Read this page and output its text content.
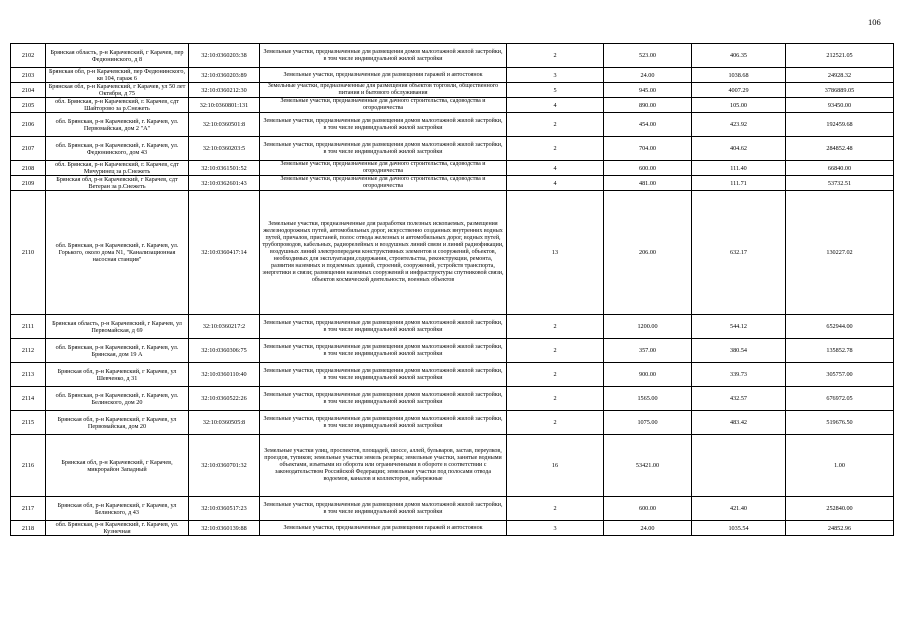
106
2102	Брянская область, р-н Карачевский, г Карачев, пер Федюнинского, д 8	32:10:0360203:38	Земельные участки, предназначенные для размещения домов малоэтажной жилой застройки, в том числе индивидуальной жилой застройки	2	523.00	406.35	212521.05
2103	Брянская обл, р-н Карачевский, пер Федюнинского, кв 104, гараж 6	32:10:0360203:89	Земельные участки, предназначенные для размещения гаражей и автостоянок	3	24.00	1038.68	24928.32
2104	Брянская обл, р-н Карачевский, г Карачев, ул 50 лет Октября, д 75	32:10:0360212:30	Земельные участки, предназначенные для размещения объектов торговли, общественного питания и бытового обслуживания	5	945.00	4007.29	3786889.05
2105	обл. Брянская, р-н Карачевский, г. Карачев, сдт Шайторово за р.Снежеть	32:10:0360801:131	Земельные участки, предназначенные для дачного строительства, садоводства и огородничества	4	890.00	105.00	93450.00
2106	обл. Брянская, р-н Карачевский, г. Карачев, ул. Первомайская, дом 2 "А"	32:10:0360501:8	Земельные участки, предназначенные для размещения домов малоэтажной жилой застройки, в том числе индивидуальной жилой застройки	2	454.00	423.92	192459.68
2107	обл. Брянская, р-н Карачевский, г. Карачев, ул. Федюнинского, дом 43	32:10:0360203:5	Земельные участки, предназначенные для размещения домов малоэтажной жилой застройки, в том числе индивидуальной жилой застройки	2	704.00	404.62	284852.48
2108	обл. Брянская, р-н Карачевский, г. Карачев, сдт Мичуринец за р.Снежеть	32:10:0361501:52	Земельные участки, предназначенные для дачного строительства, садоводства и огородничества	4	600.00	111.40	66840.00
2109	Брянская обл, р-н Карачевский, г Карачев, сдт Ветеран за р.Снежеть	32:10:0362601:43	Земельные участки, предназначенные для дачного строительства, садоводства и огородничества	4	481.00	111.71	53732.51
2110	обл. Брянская, р-н Карачевский, г. Карачев, ул. Горького, около дома N1, "Канализационная насосная станция"	32:10:0360417:14	Земельные участки, предназначенные для разработки полезных ископаемых, размещения железнодорожных путей, автомобильных дорог, искусственно созданных внутренних водных путей, причалов, пристаней, полос отвода железных и автомобильных дорог, водных путей, трубопроводов, кабельных, радиорелейных и воздушных линий связи и линий радиофикации, воздушных линий электропередачи конструктивных элементов и сооружений, объектов, необходимых для эксплуатации,содержания, строительства, реконструкции, ремонта, развития наземных и подземных зданий, строений, сооружений, устройств транспорта, энергетики и связи; размещения наземных сооружений и инфраструктуры спутниковой связи, объектов космической деятельности, военных объектов	13	206.00	632.17	130227.02
2111	Брянская область, р-н Карачевский, г Карачев, ул Первомайская, д 69	32:10:0360217:2	Земельные участки, предназначенные для размещения домов малоэтажной жилой застройки, в том числе индивидуальной жилой застройки	2	1200.00	544.12	652944.00
2112	обл. Брянская, р-н Карачевский, г. Карачев, ул. Брянская, дом 19 А	32:10:0360306:75	Земельные участки, предназначенные для размещения домов малоэтажной жилой застройки, в том числе индивидуальной жилой застройки	2	357.00	380.54	135852.78
2113	Брянская обл, р-н Карачевский, г Карачев, ул Шевченко, д 31	32:10:0360110:40	Земельные участки, предназначенные для размещения домов малоэтажной жилой застройки, в том числе индивидуальной жилой застройки	2	900.00	339.73	305757.00
2114	обл. Брянская, р-н Карачевский, г. Карачев, ул. Белинского, дом 20	32:10:0360522:26	Земельные участки, предназначенные для размещения домов малоэтажной жилой застройки, в том числе индивидуальной жилой застройки	2	1565.00	432.57	676972.05
2115	Брянская обл, р-н Карачевский, г Карачев, ул Первомайская, дом 20	32:10:0360505:8	Земельные участки, предназначенные для размещения домов малоэтажной жилой застройки, в том числе индивидуальной жилой застройки	2	1075.00	483.42	519676.50
2116	Брянская обл, р-н Карачевский, г Карачев, микрорайон Западный	32:10:0360701:32	Земельные участки улиц, проспектов, площадей, шоссе, аллей, бульваров, застав, переулков, проездов, тупиков; земельные участки земель резерва; земельные участки, занятые водными объектами, изъятыми из оборота или ограниченными в обороте в соответствии с законодательством Российской Федерации; земельные участки под полосами отвода водоемов, каналов и коллекторов, набережные	16	53421.00		1.00
2117	Брянская обл, р-н Карачевский, г Карачев, ул Белинского, д 43	32:10:0360517:23	Земельные участки, предназначенные для размещения домов малоэтажной жилой застройки, в том числе индивидуальной жилой застройки	2	600.00	421.40	252840.00
2118	обл. Брянская, р-н Карачевский, г. Карачев, ул. Кузнечная	32:10:0360139:88	Земельные участки, предназначенные для размещения гаражей и автостоянок	3	24.00	1035.54	24852.96
